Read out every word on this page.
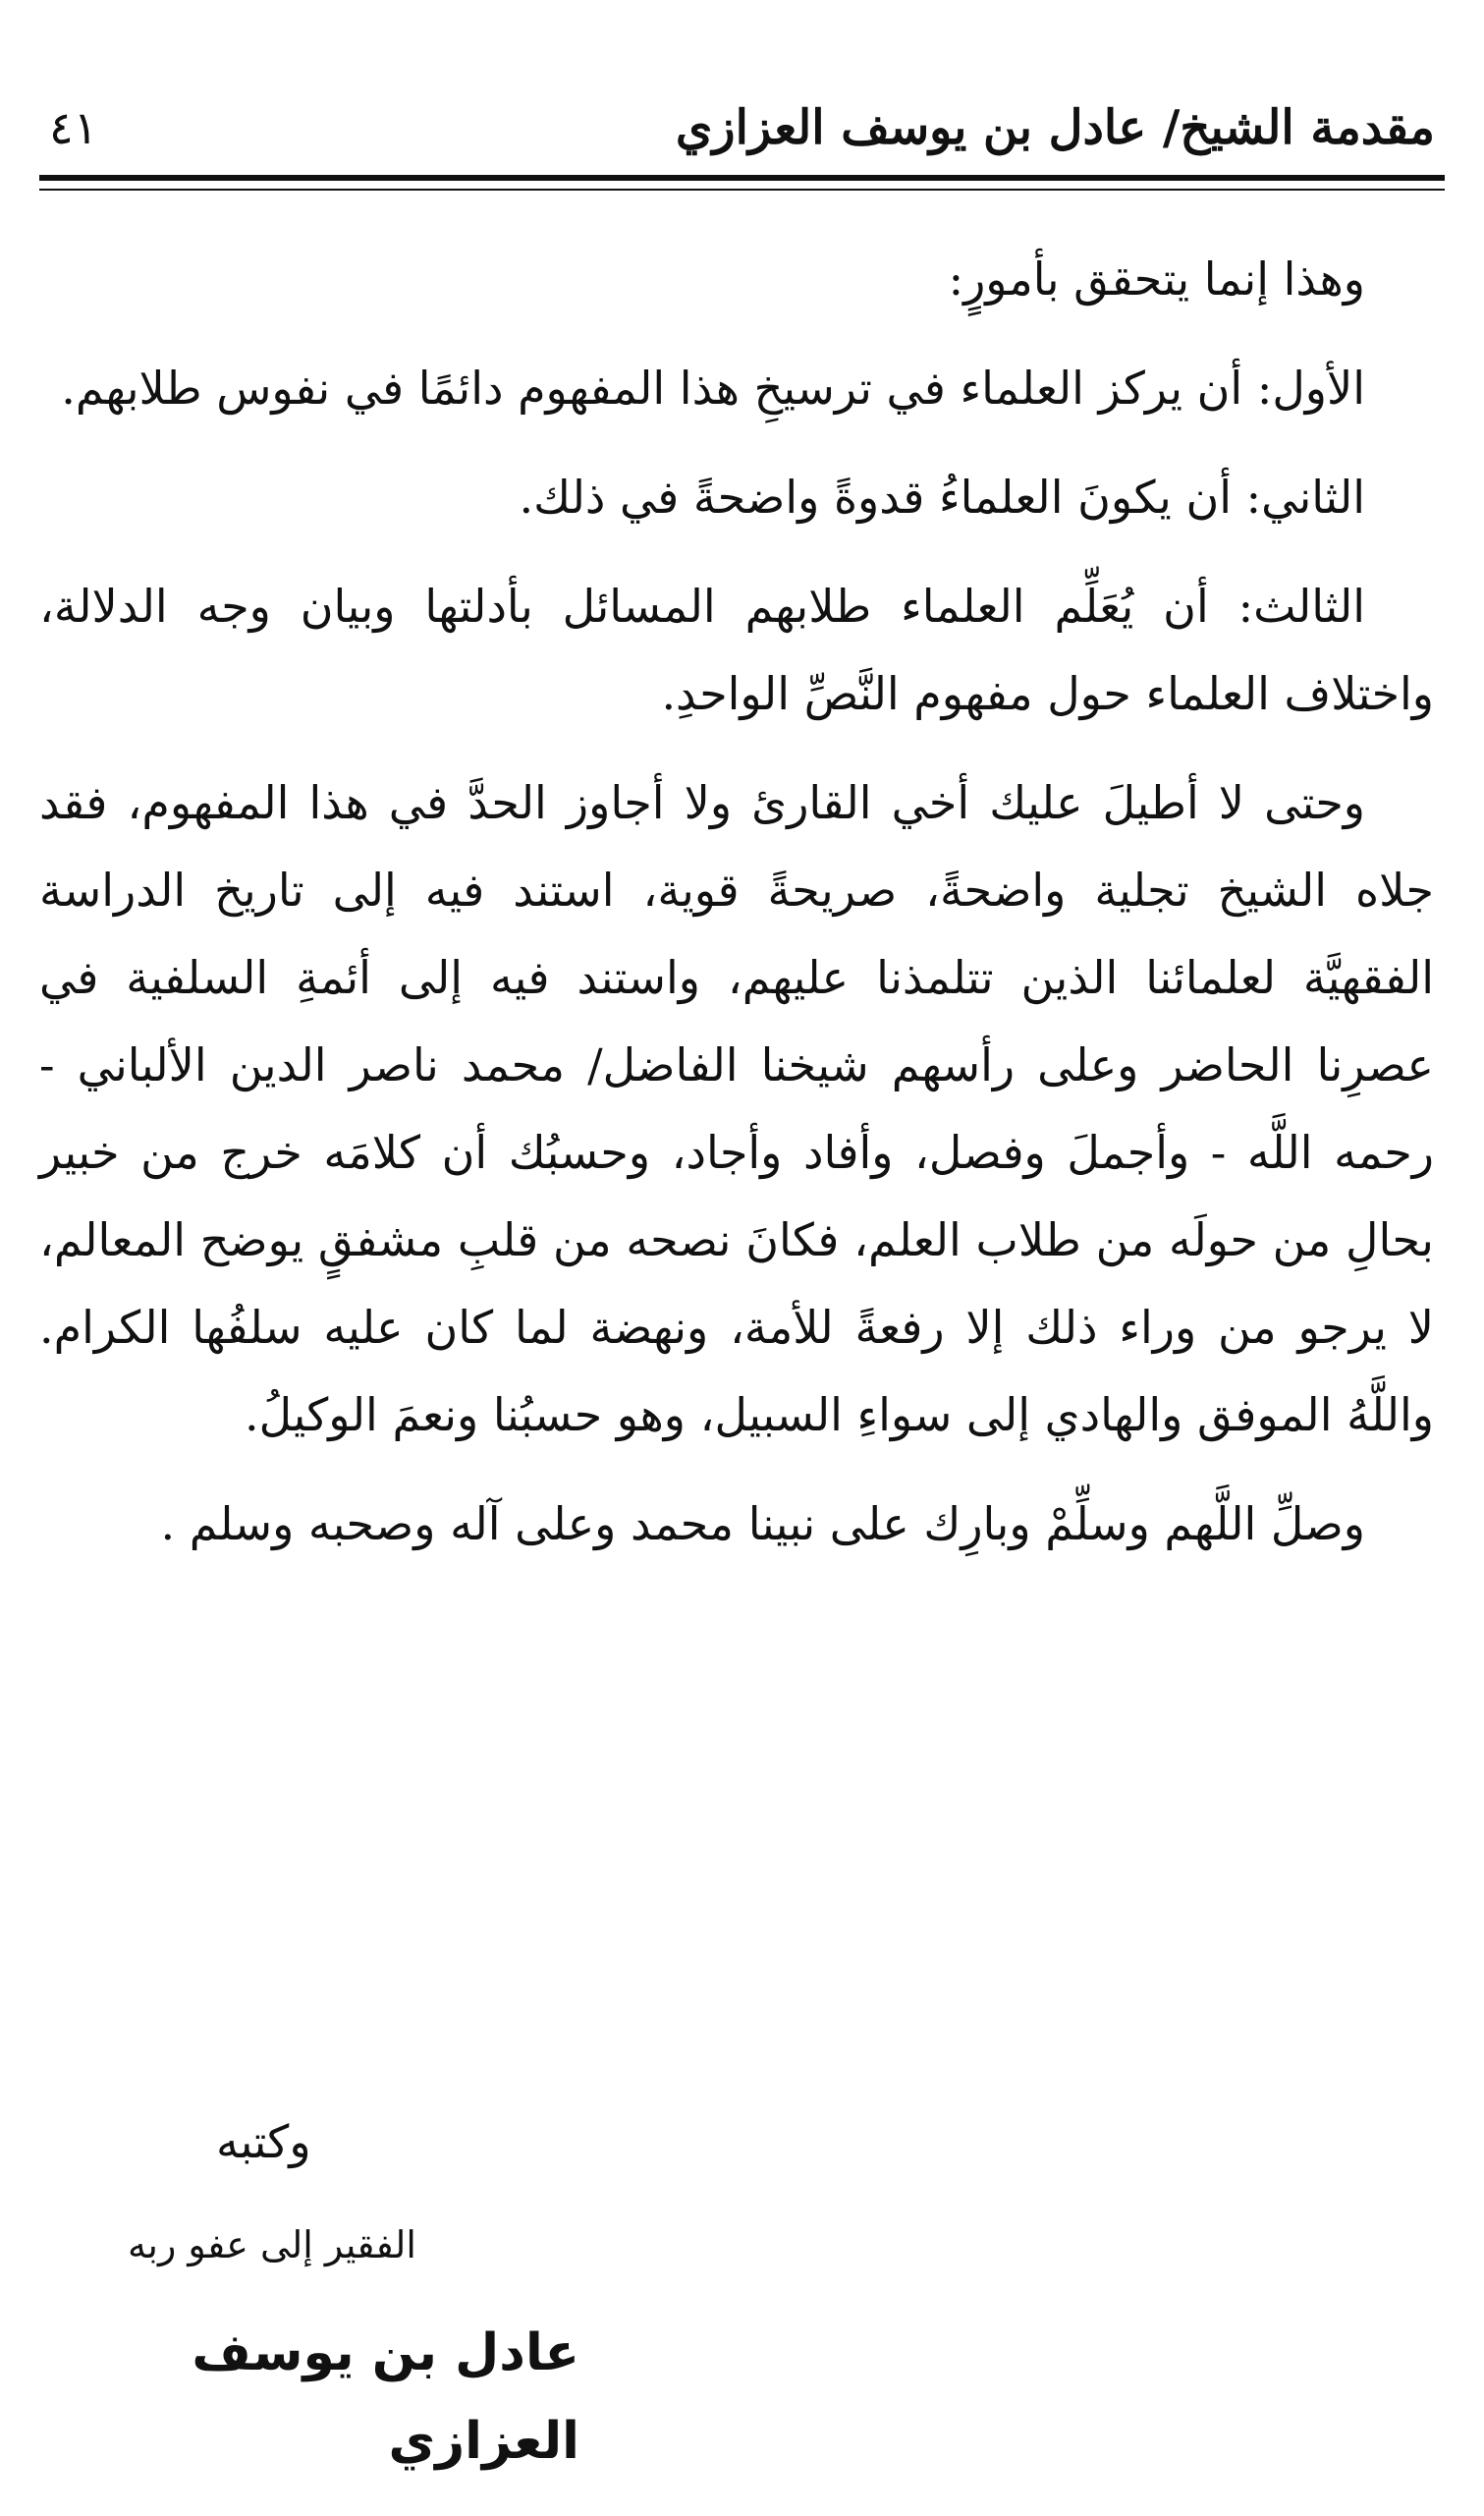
مقدمة الشيخ/ عادل بن يوسف العزازي
٤١

وهذا إنما يتحقق بأمورٍ:

الأول: أن يركز العلماء في ترسيخِ هذا المفهوم دائمًا في نفوس طلابهم.

الثاني: أن يكونَ العلماءُ قدوةً واضحةً في ذلك.

الثالث: أن يُعَلِّم العلماء طلابهم المسائل بأدلتها وبيان وجه الدلالة، واختلاف العلماء حول مفهوم النَّصِّ الواحدِ.

وحتى لا أطيلَ عليك أخي القارئ ولا أجاوز الحدَّ في هذا المفهوم، فقد جلاه الشيخ تجلية واضحةً، صريحةً قوية، استند فيه إلى تاريخ الدراسة الفقهيَّة لعلمائنا الذين تتلمذنا عليهم، واستند فيه إلى أئمةِ السلفية في عصرِنا الحاضر وعلى رأسهم شيخنا الفاضل/ محمد ناصر الدين الألباني - رحمه اللَّه - وأجملَ وفصل، وأفاد وأجاد، وحسبُك أن كلامَه خرج من خبير بحالِ من حولَه من طلاب العلم، فكانَ نصحه من قلبِ مشفقٍ يوضح المعالم، لا يرجو من وراء ذلك إلا رفعةً للأمة، ونهضة لما كان عليه سلفُها الكرام. واللَّهُ الموفق والهادي إلى سواءِ السبيل، وهو حسبُنا ونعمَ الوكيلُ.

وصلِّ اللَّهم وسلِّمْ وبارِك على نبينا محمد وعلى آله وصحبه وسلم .

وكتبه
الفقير إلى عفو ربه
عادل بن يوسف العزازي
